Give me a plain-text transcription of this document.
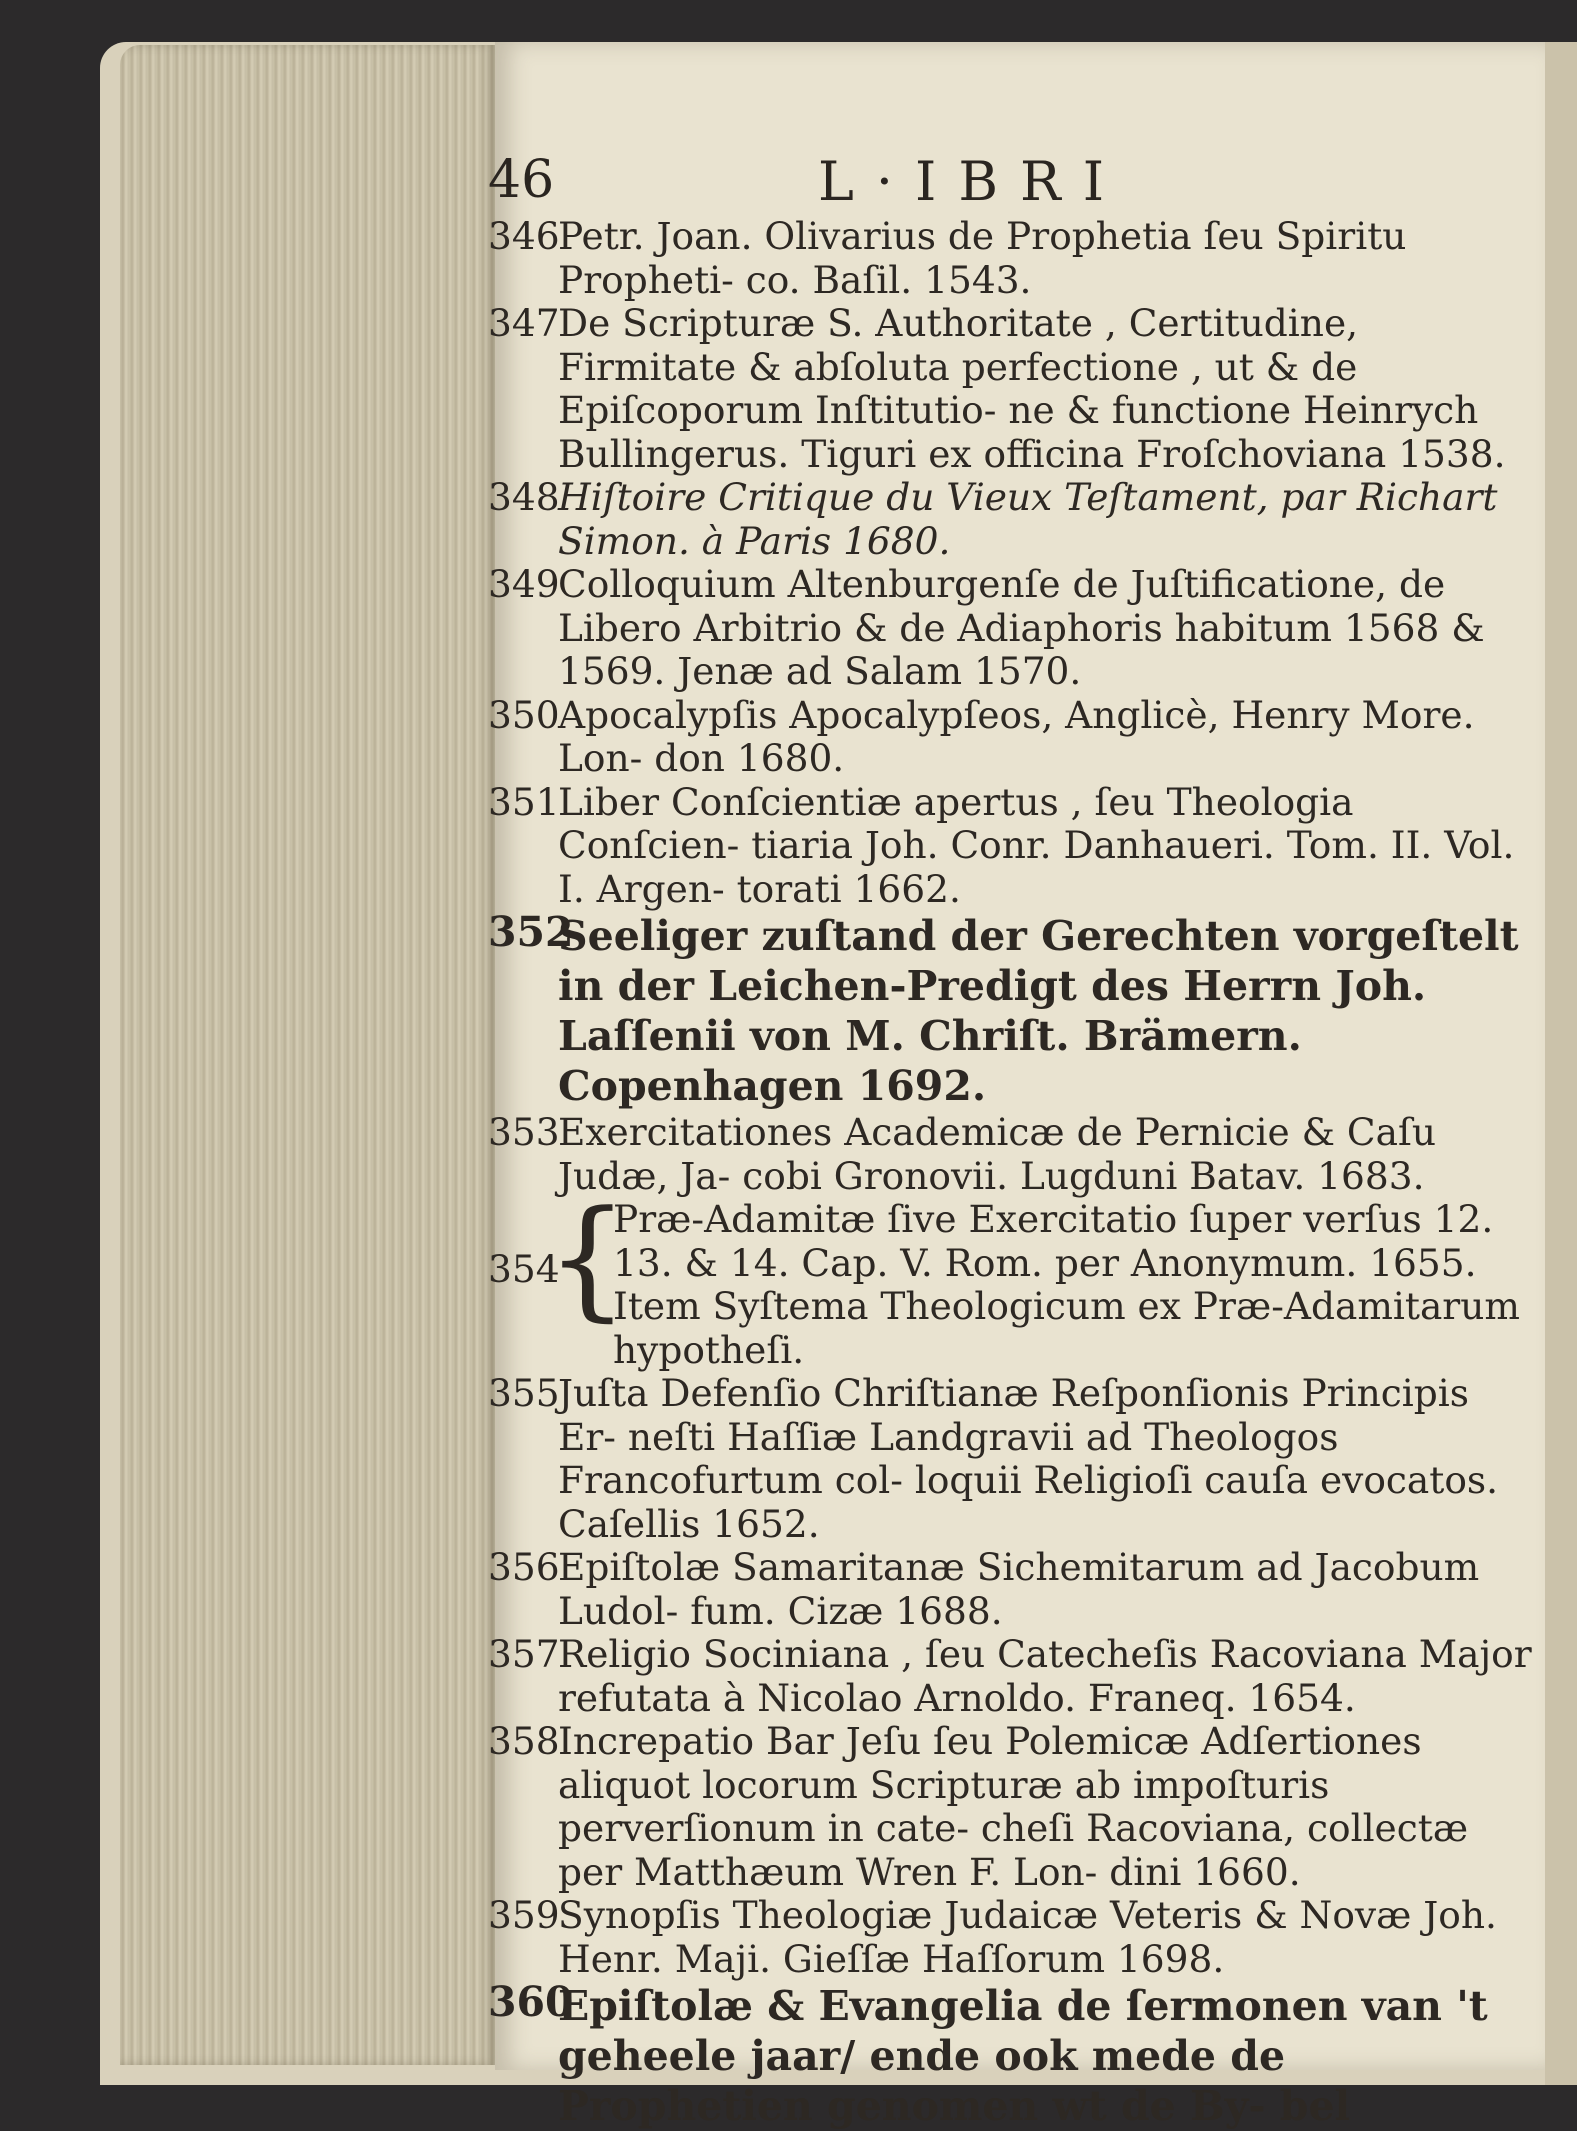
46	L·IBRI
346
Petr. Joan. Olivarius de Prophetia ſeu Spiritu Propheti- co. Baſil. 1543.
347
De Scripturæ S. Authoritate , Certitudine, Firmitate & abſoluta perfectione , ut & de Epiſcoporum Inſtitutio- ne & functione Heinrych Bullingerus. Tiguri ex officina Froſchoviana 1538.
348
Hiſtoire Critique du Vieux Teſtament, par Richart Simon. à Paris 1680.
349
Colloquium Altenburgenſe de Juſtificatione, de Libero Arbitrio & de Adiaphoris habitum 1568 & 1569. Jenæ ad Salam 1570.
350
Apocalypſis Apocalypſeos, Anglicè, Henry More. Lon- don 1680.
351
Liber Conſcientiæ apertus , ſeu Theologia Conſcien- tiaria Joh. Conr. Danhaueri. Tom. II. Vol. I. Argen- torati 1662.
352
Seeliger zuſtand der Gerechten vorgeſtelt in der Leichen-Predigt des Herrn Joh. Laſſenii von M. Chriſt. Brämern. Copenhagen 1692.
353
Exercitationes Academicæ de Pernicie & Caſu Judæ, Ja- cobi Gronovii. Lugduni Batav. 1683.
354
{
Præ-Adamitæ ſive Exercitatio ſuper verſus 12. 13. & 14. Cap. V. Rom. per Anonymum. 1655.
Item Syſtema Theologicum ex Præ-Adamitarum hypotheſi.
355
Juſta Defenſio Chriſtianæ Reſponſionis Principis Er- neſti Haſſiæ Landgravii ad Theologos Francofurtum col- loquii Religioſi cauſa evocatos. Caſellis 1652.
356
Epiſtolæ Samaritanæ Sichemitarum ad Jacobum Ludol- fum. Cizæ 1688.
357
Religio Sociniana , ſeu Catecheſis Racoviana Major refutata à Nicolao Arnoldo. Franeq. 1654.
358
Increpatio Bar Jeſu ſeu Polemicæ Adſertiones aliquot locorum Scripturæ ab impoſturis perverſionum in cate- cheſi Racoviana, collectæ per Matthæum Wren F. Lon- dini 1660.
359
Synopſis Theologiæ Judaicæ Veteris & Novæ Joh. Henr. Maji. Gieſſæ Haſſorum 1698.
360
Epiſtolæ & Evangelia de ſermonen van 't geheele jaar/ ende ook mede de Prophetien genomen wt de By- bel
